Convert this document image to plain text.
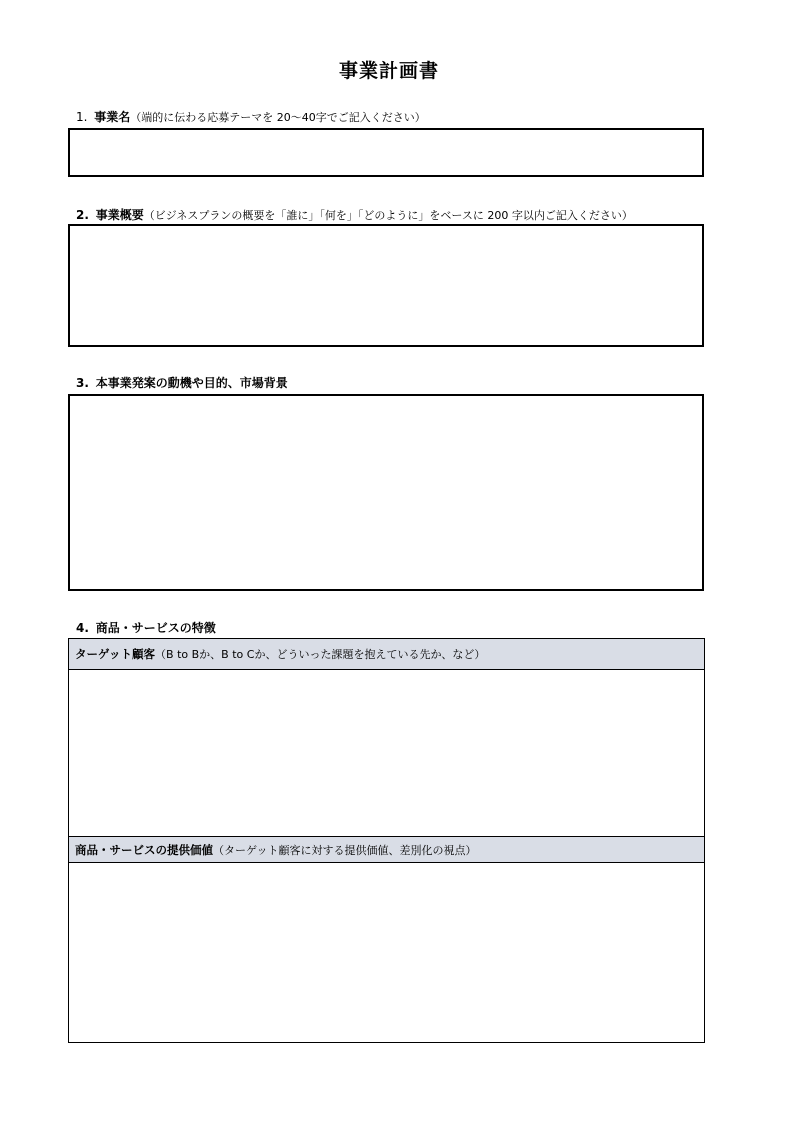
事業計画書
1. 事業名（端的に伝わる応募テーマを 20～40字でご記入ください）
2. 事業概要（ビジネスプランの概要を「誰に」「何を」「どのように」をベースに 200 字以内ご記入ください）
3. 本事業発案の動機や目的、市場背景
4. 商品・サービスの特徴
ターゲット顧客 （B to Bか、B to Cか、どういった課題を抱えている先か、など）
商品・サービスの提供価値 （ターゲット顧客に対する提供価値、差別化の視点）
